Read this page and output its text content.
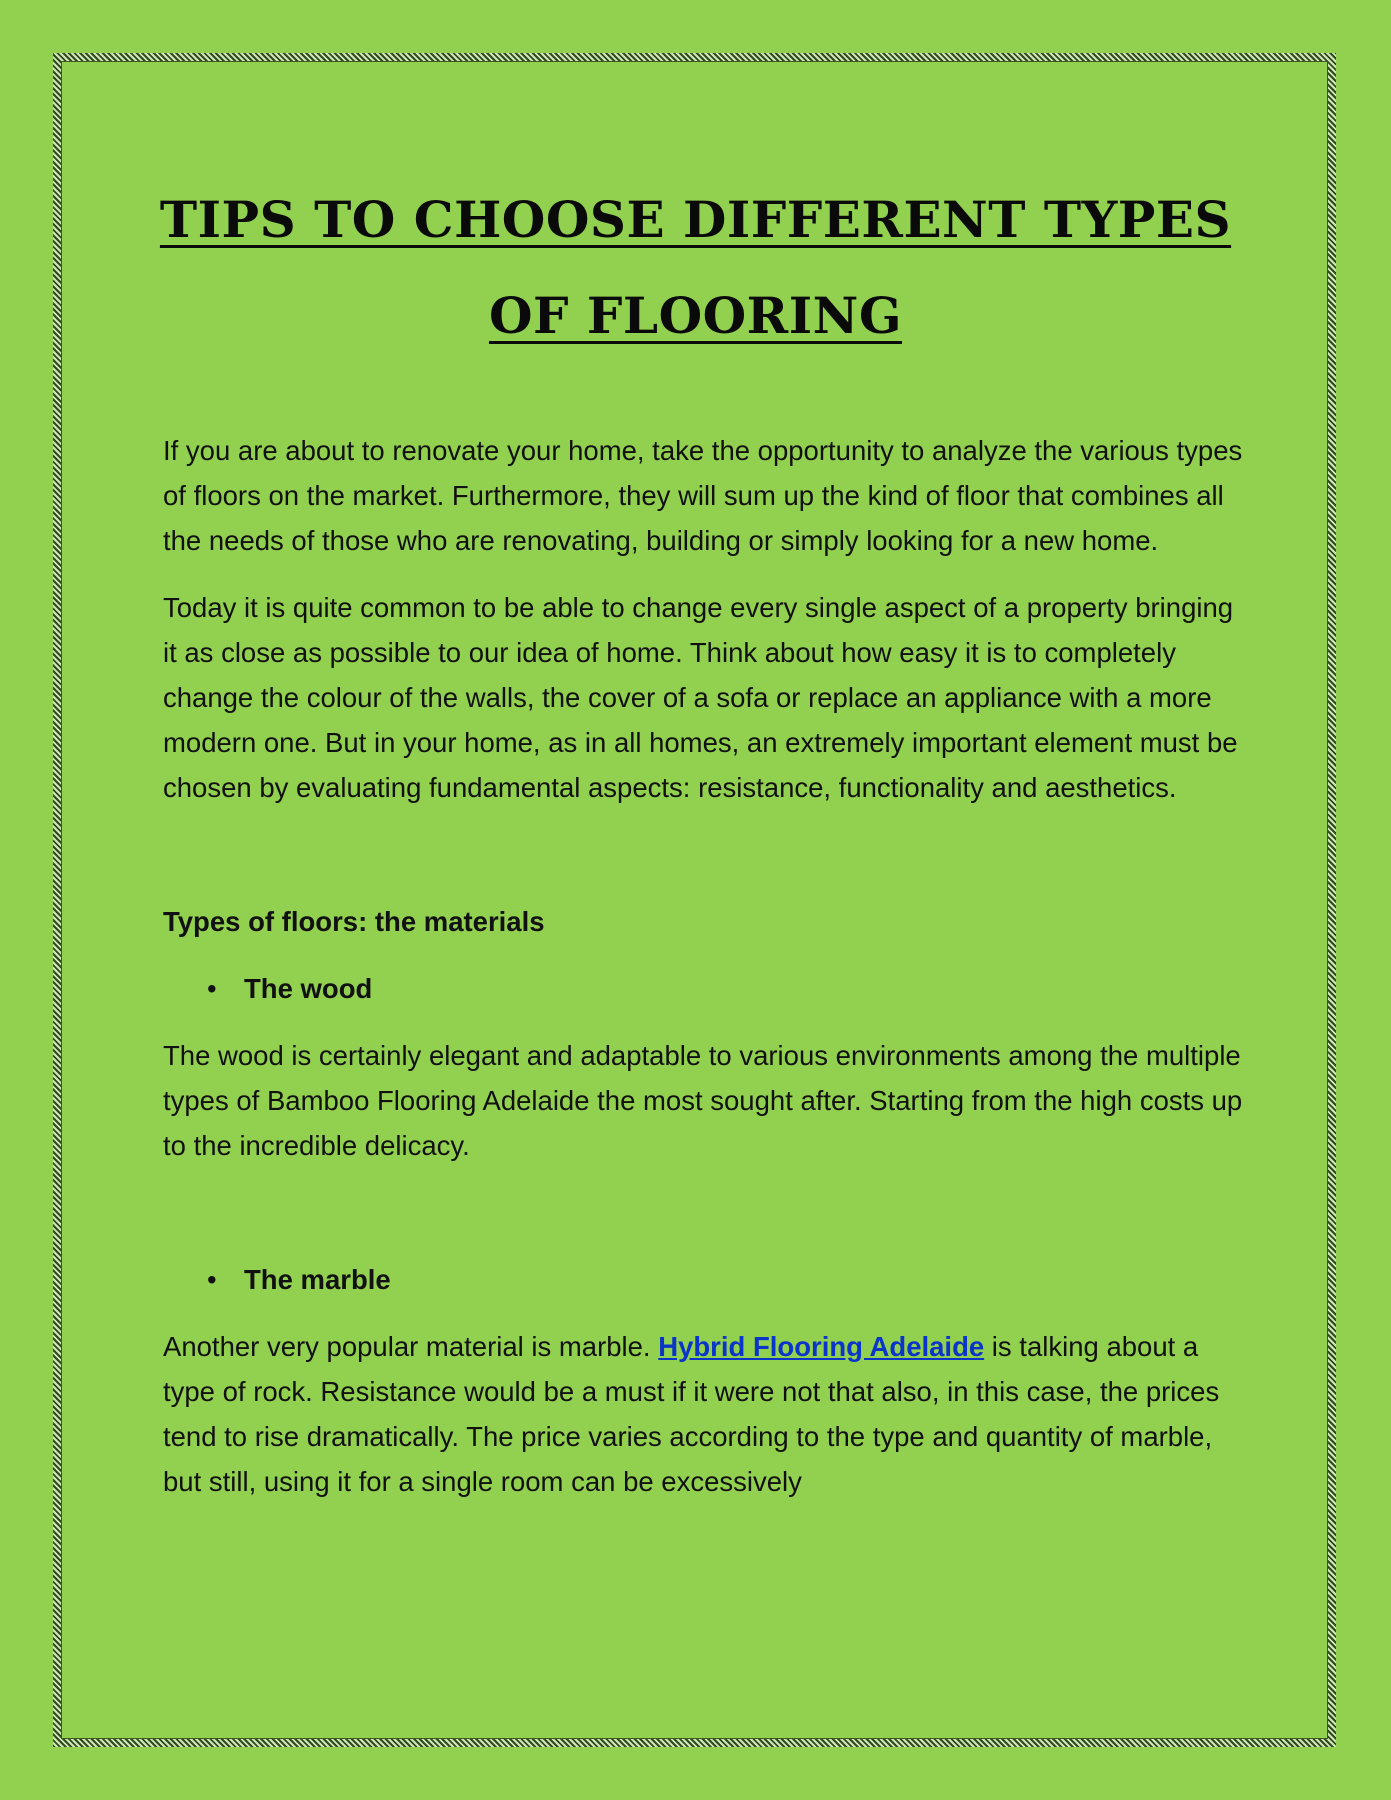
TIPS TO CHOOSE DIFFERENT TYPES
OF FLOORING

If you are about to renovate your home, take the opportunity to analyze the various types of floors on the market. Furthermore, they will sum up the kind of floor that combines all the needs of those who are renovating, building or simply looking for a new home.

Today it is quite common to be able to change every single aspect of a property bringing it as close as possible to our idea of home. Think about how easy it is to completely change the colour of the walls, the cover of a sofa or replace an appliance with a more modern one. But in your home, as in all homes, an extremely important element must be chosen by evaluating fundamental aspects: resistance, functionality and aesthetics.

Types of floors: the materials

• The wood

The wood is certainly elegant and adaptable to various environments among the multiple types of Bamboo Flooring Adelaide the most sought after. Starting from the high costs up to the incredible delicacy.

• The marble

Another very popular material is marble. Hybrid Flooring Adelaide is talking about a type of rock. Resistance would be a must if it were not that also, in this case, the prices tend to rise dramatically. The price varies according to the type and quantity of marble, but still, using it for a single room can be excessively
